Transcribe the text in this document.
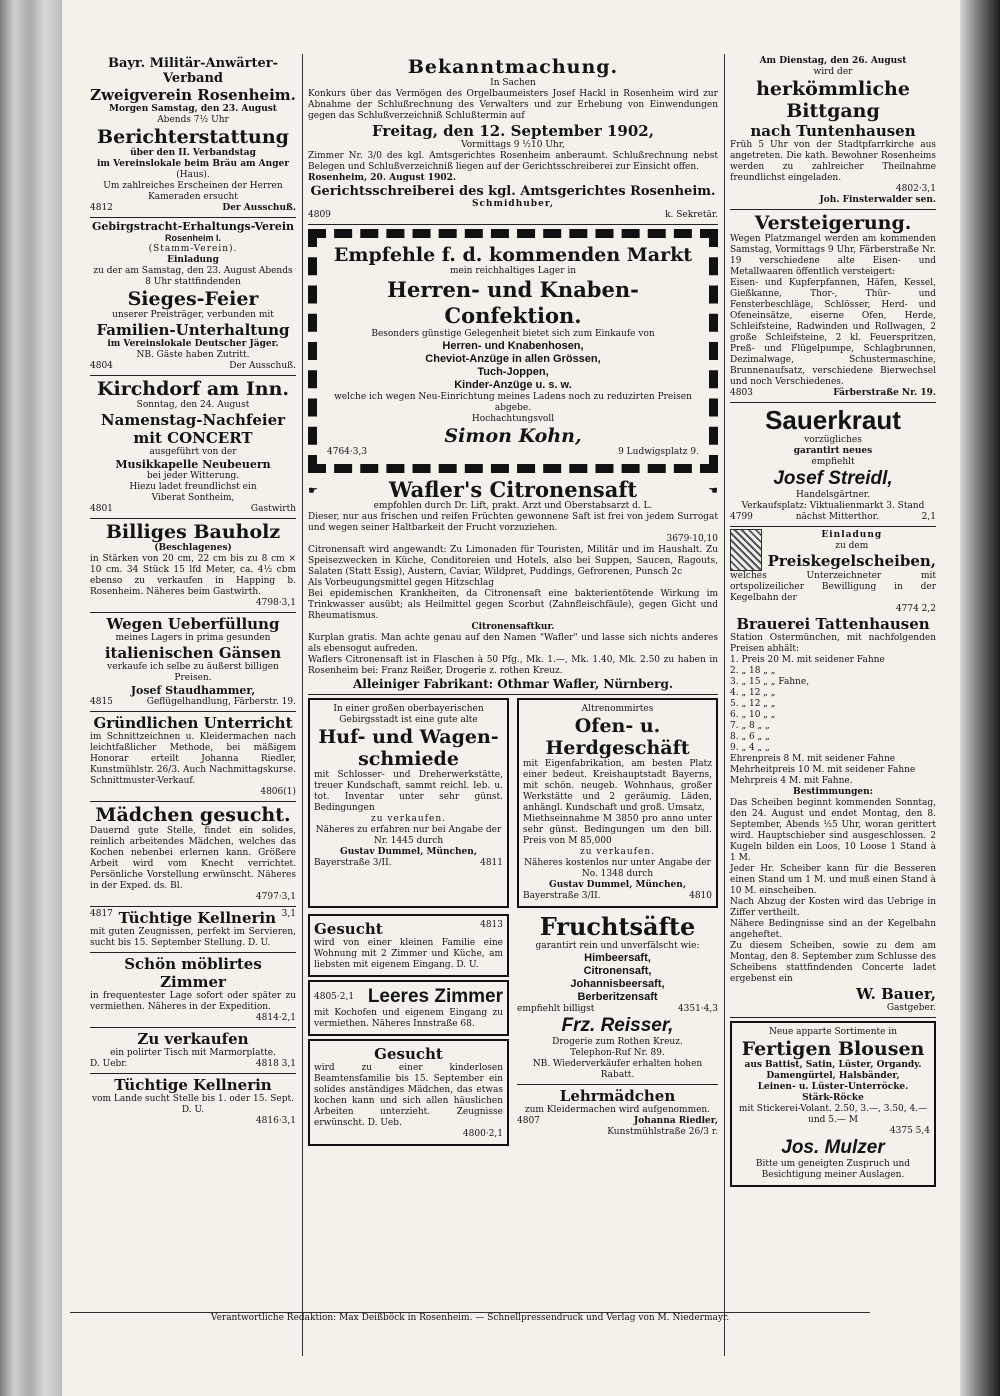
Bayr. Militär-Anwärter-Verband
Zweigverein Rosenheim.
Morgen Samstag, den 23. August
Abends 7½ Uhr
Berichterstattung
über den II. Verbandstag
im Vereinslokale beim Bräu am Anger
(Haus).
Um zahlreiches Erscheinen der Herren Kameraden ersucht
4812	Der Ausschuß.
Gebirgstracht-Erhaltungs-Verein
Rosenheim I.
(Stamm-Verein).
Einladung
zu der am Samstag, den 23. August Abends 8 Uhr stattfindenden
Sieges-Feier
unserer Preisträger, verbunden mit
Familien-Unterhaltung
im Vereinslokale Deutscher Jäger.
NB. Gäste haben Zutritt.
4804	Der Ausschuß.
Kirchdorf am Inn.
Sonntag, den 24. August
Namenstag-Nachfeier
mit CONCERT
ausgeführt von der
Musikkapelle Neubeuern
bei jeder Witterung.
Hiezu ladet freundlichst ein
Viberat Sontheim,
4801	Gastwirth
Billiges Bauholz
(Beschlagenes)
in Stärken von 20 cm, 22 cm bis zu 8 cm × 10 cm. 34 Stück 15 lfd Meter, ca. 4½ cbm ebenso zu verkaufen in Happing b. Rosenheim. Näheres beim Gastwirth.
4798·3,1
Wegen Ueberfüllung
meines Lagers in prima gesunden
italienischen Gänsen
verkaufe ich selbe zu äußerst billigen Preisen.
Josef Staudhammer,
4815	Geflügelhandlung, Färberstr. 19.
Gründlichen Unterricht
im Schnittzeichnen u. Kleidermachen nach leichtfaßlicher Methode, bei mäßigem Honorar erteilt Johanna Riedler, Kunstmühlstr. 26/3. Auch Nachmittagskurse. Schnittmuster-Verkauf.
4806(1)
Mädchen gesucht.
Dauernd gute Stelle, findet ein solides, reinlich arbeitendes Mädchen, welches das Kochen nebenbei erlernen kann. Größere Arbeit wird vom Knecht verrichtet. Persönliche Vorstellung erwünscht. Näheres in der Exped. ds. Bl.
4797·3,1
4817 Tüchtige Kellnerin 3,1
mit guten Zeugnissen, perfekt im Servieren, sucht bis 15. September Stellung. D. U.
Schön möblirtes Zimmer
in frequentester Lage sofort oder später zu vermiethen. Näheres in der Expedition.
4814·2,1
Zu verkaufen
ein polirter Tisch mit Marmorplatte.
D. Uebr.	4818 3,1
Tüchtige Kellnerin
vom Lande sucht Stelle bis 1. oder 15. Sept. D. U.
4816·3,1
Bekanntmachung.
In Sachen
Konkurs über das Vermögen des Orgelbaumeisters Josef Hackl in Rosenheim wird zur Abnahme der Schlußrechnung des Verwalters und zur Erhebung von Einwendungen gegen das Schlußverzeichniß Schlußtermin auf
Freitag, den 12. September 1902,
Vormittags 9 ½10 Uhr,
Zimmer Nr. 3/0 des kgl. Amtsgerichtes Rosenheim anberaumt. Schlußrechnung nebst Belegen und Schlußverzeichniß liegen auf der Gerichtsschreiberei zur Einsicht offen.
Rosenheim, 20. August 1902.
Gerichtsschreiberei des kgl. Amtsgerichtes Rosenheim.
Schmidhuber,
4809	k. Sekretär.
Empfehle f. d. kommenden Markt
mein reichhaltiges Lager in
Herren- und Knaben-Confektion.
Besonders günstige Gelegenheit bietet sich zum Einkaufe von
Herren- und Knabenhosen,
Cheviot-Anzüge in allen Grössen,
Tuch-Joppen,
Kinder-Anzüge u. s. w.
welche ich wegen Neu-Einrichtung meines Ladens noch zu reduzirten Preisen abgebe.
Hochachtungsvoll
Simon Kohn,
4764·3,3	9 Ludwigsplatz 9.
☛	Wafler's Citronensaft	☚
empfohlen durch Dr. Lift, prakt. Arzt und Oberstabsarzt d. L.
Dieser, nur aus frischen und reifen Früchten gewonnene Saft ist frei von jedem Surrogat und wegen seiner Haltbarkeit der Frucht vorzuziehen.
3679·10,10
Citronensaft wird angewandt: Zu Limonaden für Touristen, Militär und im Haushalt. Zu Speisezwecken in Küche, Conditoreien und Hotels, also bei Suppen, Saucen, Ragouts, Salaten (Statt Essig), Austern, Caviar, Wildpret, Puddings, Gefrorenen, Punsch 2c
Als Vorbeugungsmittel gegen Hitzschlag
Bei epidemischen Krankheiten, da Citronensaft eine bakterientötende Wirkung im Trinkwasser ausübt; als Heilmittel gegen Scorbut (Zahnfleischfäule), gegen Gicht und Rheumatismus.
Citronensaftkur.
Kurplan gratis. Man achte genau auf den Namen "Wafler" und lasse sich nichts anderes als ebensogut aufreden.
Waflers Citronensaft ist in Flaschen à 50 Pfg., Mk. 1.—, Mk. 1.40, Mk. 2.50 zu haben in Rosenheim bei: Franz Reißer, Drogerie z. rothen Kreuz.
Alleiniger Fabrikant: Othmar Wafler, Nürnberg.
In einer großen oberbayerischen Gebirgsstadt ist eine gute alte
Huf- und Wagen-schmiede
mit Schlosser- und Dreherwerkstätte, treuer Kundschaft, sammt reichl. leb. u. tot. Inventar unter sehr günst. Bedingungen
zu verkaufen.
Näheres zu erfahren nur bei Angabe der Nr. 1445 durch
Gustav Dummel, München,
Bayerstraße 3/II.	4811
Altrenommirtes
Ofen- u. Herdgeschäft
mit Eigenfabrikation, am besten Platz einer bedeut. Kreishauptstadt Bayerns, mit schön. neugeb. Wohnhaus, großer Werkstätte und 2 geräumig. Läden, anhängl. Kundschaft und groß. Umsatz,
Miethseinnahme M 3850 pro anno unter sehr günst. Bedingungen um den bill. Preis von M 85,000
zu verkaufen.
Näheres kostenlos nur unter Angabe der No. 1348 durch
Gustav Dummel, München,
Bayerstraße 3/II.	4810
Gesucht	4813
wird von einer kleinen Familie eine Wohnung mit 2 Zimmer und Küche, am liebsten mit eigenem Eingang. D. U.
4805·2,1 Leeres Zimmer
mit Kochofen und eigenem Eingang zu vermiethen. Näheres Innstraße 68.
Gesucht
wird zu einer kinderlosen Beamtensfamilie bis 15. September ein solides anständiges Mädchen, das etwas kochen kann und sich allen häuslichen Arbeiten unterzieht. Zeugnisse erwünscht. D. Ueb.
4800·2,1
Fruchtsäfte
garantirt rein und unverfälscht wie:
Himbeersaft,
Citronensaft,
Johannisbeersaft,
Berberitzensaft
empfiehlt billigst	4351·4,3
Frz. Reisser,
Drogerie zum Rothen Kreuz.
Telephon-Ruf Nr. 89.
NB. Wiederverkäufer erhalten hohen Rabatt.
Lehrmädchen
zum Kleidermachen wird aufgenommen.
4807	Johanna Riedler,
Kunstmühlstraße 26/3 r.
Am Dienstag, den 26. August
wird der
herkömmliche Bittgang
nach Tuntenhausen
Früh 5 Uhr von der Stadtpfarrkirche aus angetreten. Die kath. Bewohner Rosenheims werden zu zahlreicher Theilnahme freundlichst eingeladen.
4802·3,1
Joh. Finsterwalder sen.
Versteigerung.
Wegen Platzmangel werden am kommenden Samstag, Vormittags 9 Uhr, Färberstraße Nr. 19 verschiedene alte Eisen- und Metallwaaren öffentlich versteigert:
Eisen- und Kupferpfannen, Häfen, Kessel, Gießkanne, Thor-, Thür- und Fensterbeschläge, Schlösser, Herd- und Ofeneinsätze, eiserne Ofen, Herde, Schleifsteine, Radwinden und Rollwagen, 2 große Schleifsteine, 2 kl. Feuerspritzen, Preß- und Flügelpumpe, Schlagbrunnen, Dezimalwage, Schustermaschine, Brunnenaufsatz, verschiedene Bierwechsel und noch Verschiedenes.
4803	Färberstraße Nr. 19.
Sauerkraut
vorzügliches
garantirt neues
empfiehlt
Josef Streidl,
Handelsgärtner.
Verkaufsplatz: Viktualienmarkt 3. Stand
4799	nächst Mitterthor.	2,1
Einladung
zu dem
Preiskegelscheiben,
welches Unterzeichneter mit ortspolizeilicher Bewilligung in der Kegelbahn der
4774 2,2
Brauerei Tattenhausen
Station Ostermünchen, mit nachfolgenden Preisen abhält:
1. Preis 20 M. mit seidener Fahne
2. „ 18 „ „
3. „ 15 „ „ Fahne,
4. „ 12 „ „
5. „ 12 „ „
6. „ 10 „ „
7. „ 8 „ „
8. „ 6 „ „
9. „ 4 „ „
Ehrenpreis 8 M. mit seidener Fahne
Mehrheitpreis 10 M. mit seidener Fahne
Mehrpreis 4 M. mit Fahne.
Bestimmungen:
Das Scheiben beginnt kommenden Sonntag, den 24. August und endet Montag, den 8. September, Abends ½5 Uhr, woran gerittert wird. Hauptschieber sind ausgeschlossen. 2 Kugeln bilden ein Loos, 10 Loose 1 Stand à 1 M.
Jeder Hr. Scheiber kann für die Besseren einen Stand um 1 M. und muß einen Stand à 10 M. einscheiben.
Nach Abzug der Kosten wird das Uebrige in Ziffer vertheilt.
Nähere Bedingnisse sind an der Kegelbahn angeheftet.
Zu diesem Scheiben, sowie zu dem am Montag, den 8. September zum Schlusse des Scheibens stattfindenden Concerte ladet ergebenst ein
W. Bauer,
Gastgeber.
Neue apparte Sortimente in
Fertigen Blousen
aus Battist, Satin, Lüster, Organdy.
Damengürtel, Halsbänder,
Leinen- u. Lüster-Unterröcke.
Stärk-Röcke
mit Stickerei-Volant. 2.50, 3.—, 3.50, 4.— und 5.— M
4375 5,4
Jos. Mulzer
Bitte um geneigten Zuspruch und Besichtigung meiner Auslagen.
Verantwortliche Redaktion: Max Deißböck in Rosenheim. — Schnellpressendruck und Verlag von M. Niedermayr.
